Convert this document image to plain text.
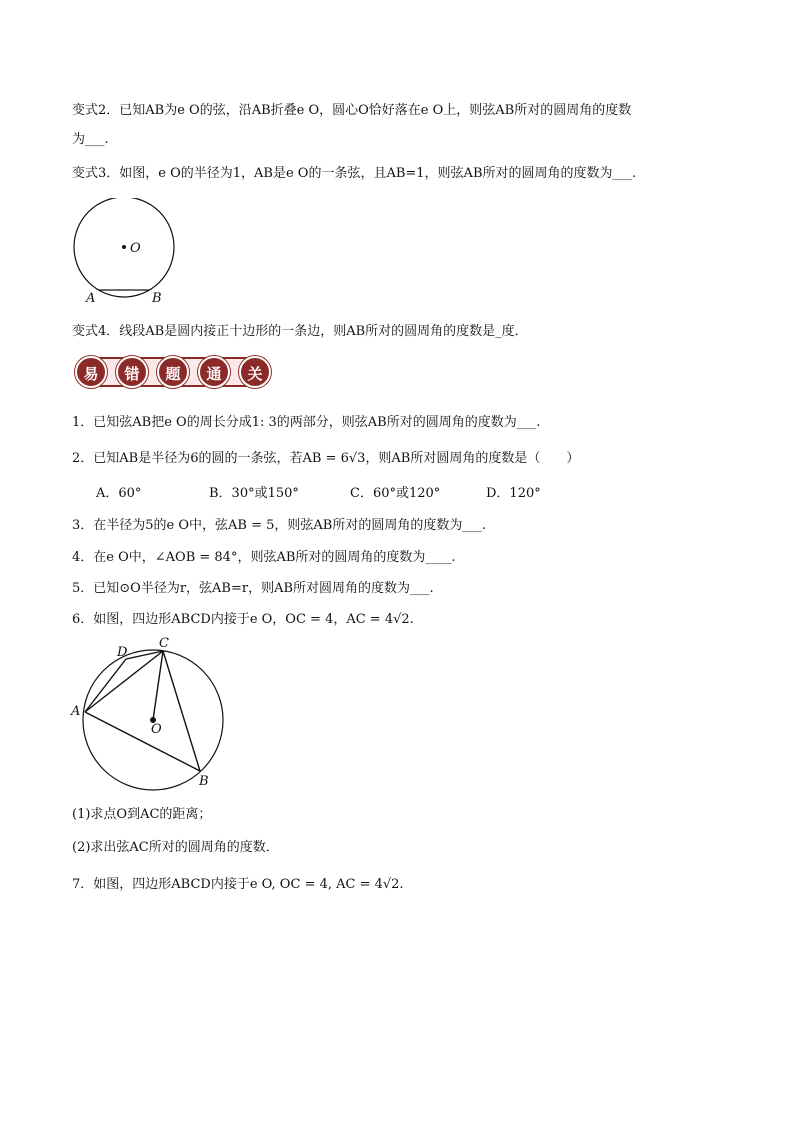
变式2．已知AB为e O的弦，沿AB折叠e O，圆心O恰好落在e O上，则弦AB所对的圆周角的度数
为___.
变式3．如图，e O的半径为1，AB是e O的一条弦，且AB=1，则弦AB所对的圆周角的度数为___.
O
A	B
变式4．线段AB是圆内接正十边形的一条边，则AB所对的圆周角的度数是_度．
易	错	题	通	关
1．已知弦AB把e O的周长分成1: 3的两部分，则弦AB所对的圆周角的度数为___.
2．已知AB是半径为6的圆的一条弦，若AB = 6√3，则AB所对圆周角的度数是（　　）
A．60°	B．30°或150°	C．60°或120°	D．120°
3．在半径为5的e O中，弦AB = 5，则弦AB所对的圆周角的度数为___.
4．在e O中，∠AOB = 84°，则弦AB所对的圆周角的度数为____.
5．已知⊙O半径为r，弦AB=r，则AB所对圆周角的度数为___.
6．如图，四边形ABCD内接于e O，OC = 4，AC = 4√2.
O
A
B
C
D
(1)求点O到AC的距离；
(2)求出弦AC所对的圆周角的度数．
7．如图，四边形ABCD内接于e O, OC = 4, AC = 4√2.
